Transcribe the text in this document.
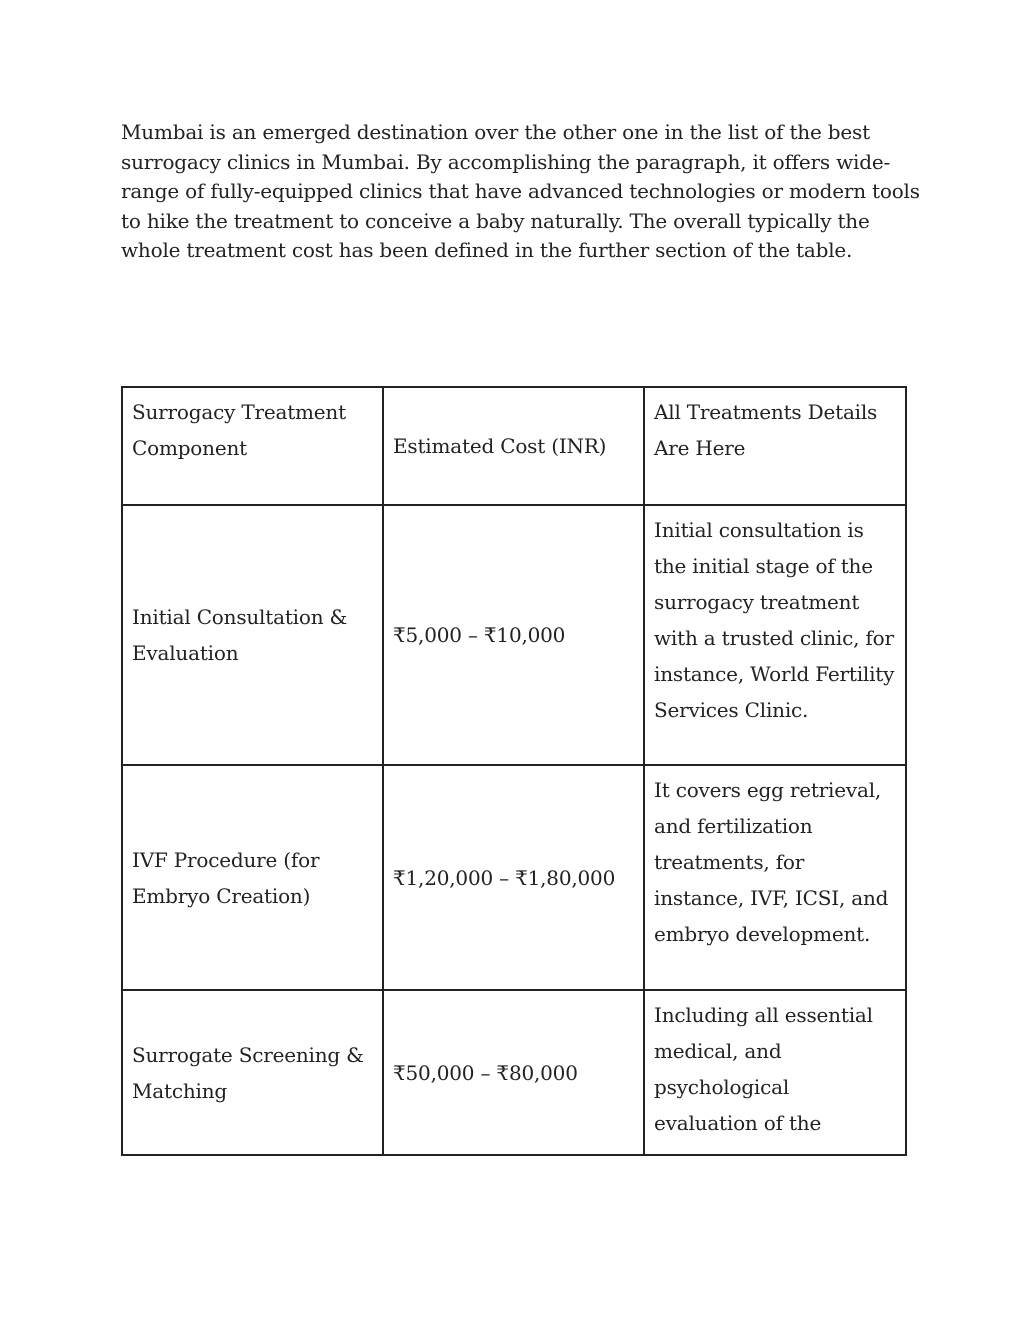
Mumbai is an emerged destination over the other one in the list of the best surrogacy clinics in Mumbai. By accomplishing the paragraph, it offers wide-range of fully-equipped clinics that have advanced technologies or modern tools to hike the treatment to conceive a baby naturally. The overall typically the whole treatment cost has been defined in the further section of the table.

Surrogacy Treatment Component	Estimated Cost (INR)	All Treatments Details Are Here
Initial Consultation & Evaluation	₹5,000 – ₹10,000	Initial consultation is the initial stage of the surrogacy treatment with a trusted clinic, for instance, World Fertility Services Clinic.
IVF Procedure (for Embryo Creation)	₹1,20,000 – ₹1,80,000	It covers egg retrieval, and fertilization treatments, for instance, IVF, ICSI, and embryo development.
Surrogate Screening & Matching	₹50,000 – ₹80,000	Including all essential medical, and psychological evaluation of the
